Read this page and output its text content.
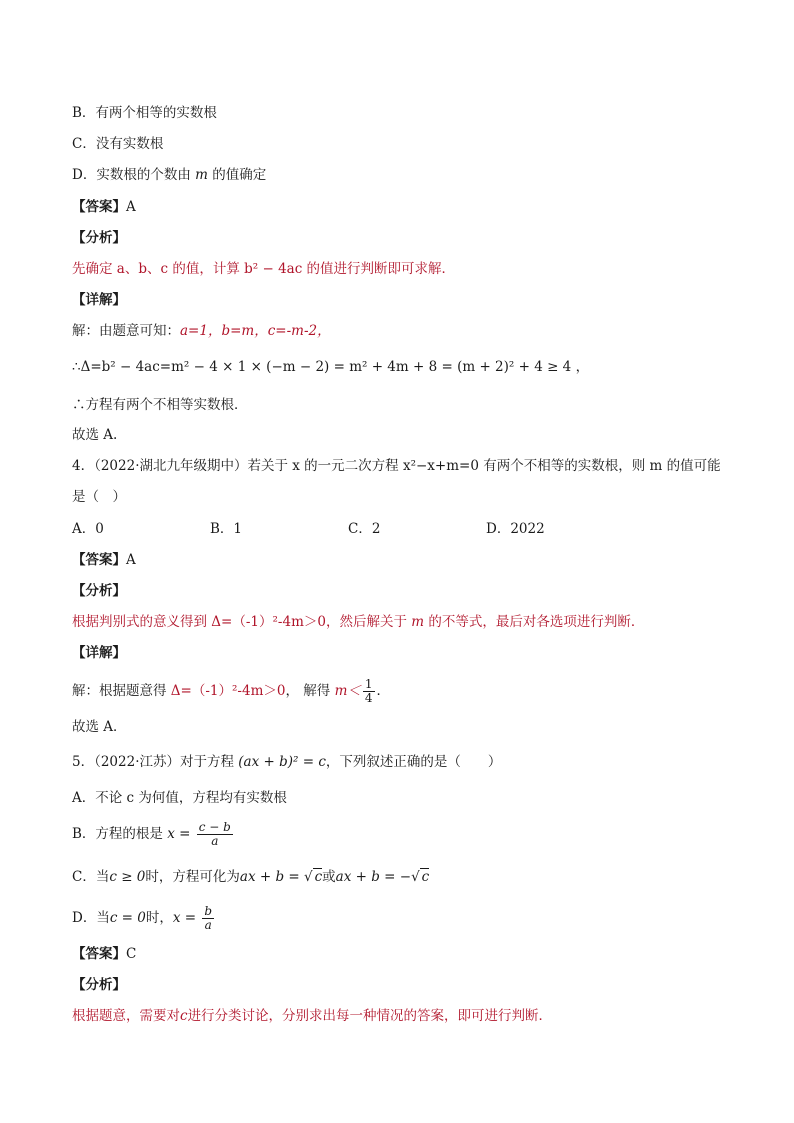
B．有两个相等的实数根
C．没有实数根
D．实数根的个数由 m 的值确定
【答案】A
【分析】
先确定 a、b、c 的值，计算 b² − 4ac 的值进行判断即可求解．
【详解】
解：由题意可知：a=1，b=m，c=-m-2，
∴Δ=b² − 4ac=m² − 4 × 1 × (−m − 2) = m² + 4m + 8 = (m + 2)² + 4 ≥ 4 ，
∴方程有两个不相等实数根．
故选 A.
4．（2022·湖北九年级期中）若关于 x 的一元二次方程 x²−x+m=0 有两个不相等的实数根，则 m 的值可能
是（　）
A．0	B．1	C．2	D．2022
【答案】A
【分析】
根据判别式的意义得到 Δ=（-1）²-4m＞0，然后解关于 m 的不等式，最后对各选项进行判断．
【详解】
解：根据题意得 Δ=（-1）²-4m＞0， 解得 $m< \frac{1}{4}$ ．
故选 A．
5．（2022·江苏）对于方程 (ax + b)² = c，下列叙述正确的是（　　）
A．不论 c 为何值，方程均有实数根
B．方程的根是 $x = \frac{c - b}{a}$
C．当c ≥ 0时，方程可化为ax + b = √ c或ax + b = −√ c
D．当c = 0时，$x = \frac{b}{a}$
【答案】C
【分析】
根据题意，需要对c进行分类讨论，分别求出每一种情况的答案，即可进行判断．
